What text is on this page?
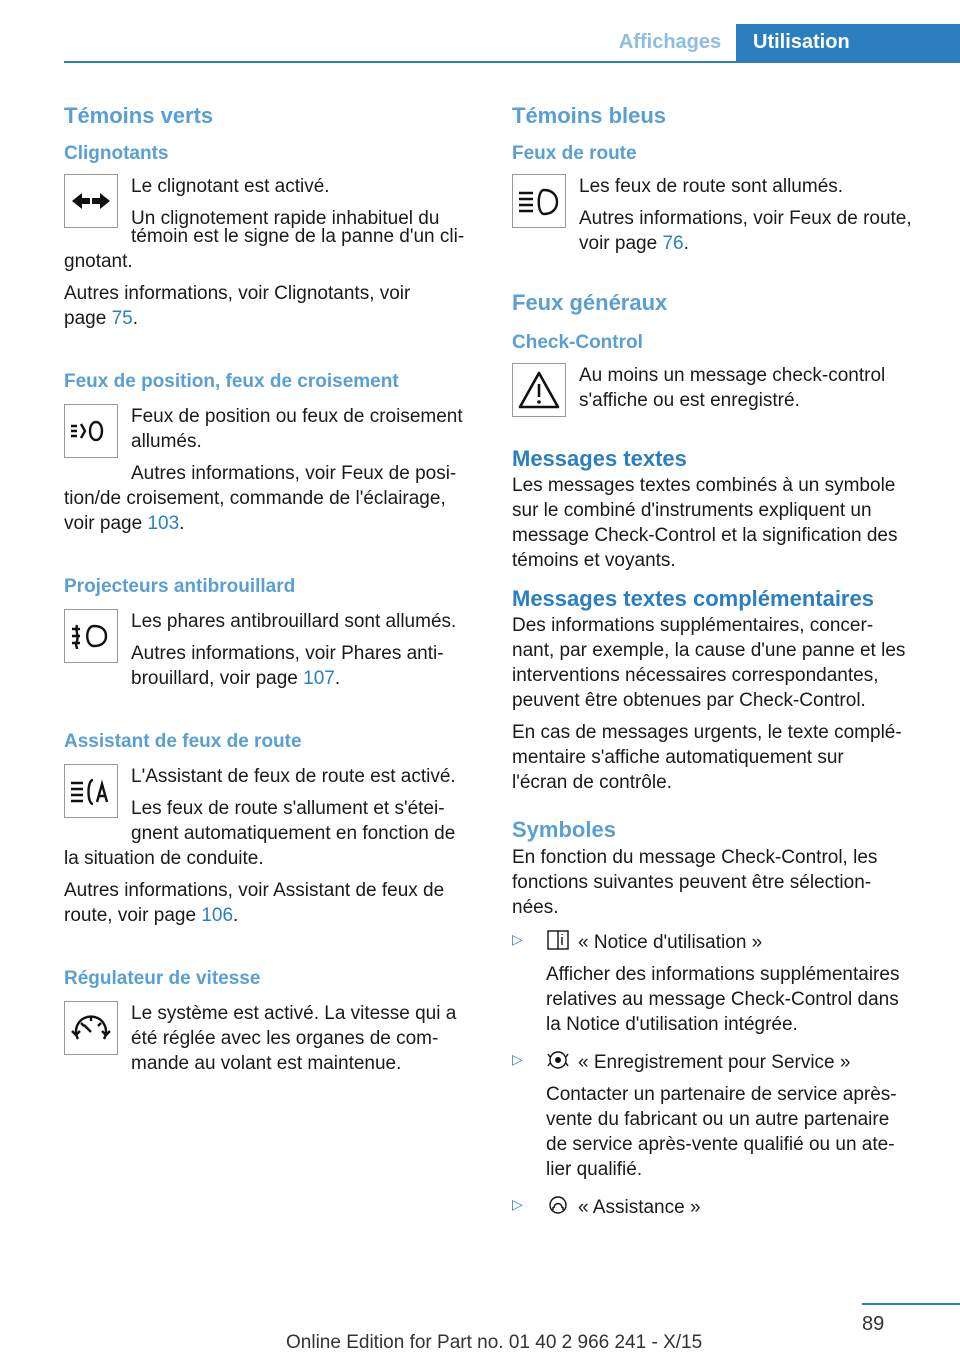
Affichages	Utilisation
Témoins verts
Clignotants

Le clignotant est activé.

Un clignotement rapide inhabituel du

témoin est le signe de la panne d'un cli‐

gnotant.

Autres informations, voir Clignotants, voir

page 75.

Feux de position, feux de croisement

Feux de position ou feux de croisement

allumés.

Autres informations, voir Feux de posi‐

tion/de croisement, commande de l'éclairage,

voir page 103.

Projecteurs antibrouillard

Les phares antibrouillard sont allumés.

Autres informations, voir Phares anti‐

brouillard, voir page 107.

Assistant de feux de route

L'Assistant de feux de route est activé.

Les feux de route s'allument et s'étei‐

gnent automatiquement en fonction de

la situation de conduite.

Autres informations, voir Assistant de feux de

route, voir page 106.

Régulateur de vitesse

Le système est activé. La vitesse qui a

été réglée avec les organes de com‐

mande au volant est maintenue.

Témoins bleus
Feux de route

Les feux de route sont allumés.

Autres informations, voir Feux de route,

voir page 76.

Feux généraux
Check-Control

Au moins un message check-control

s'affiche ou est enregistré.

Messages textes

Les messages textes combinés à un symbole

sur le combiné d'instruments expliquent un

message Check-Control et la signification des

témoins et voyants.

Messages textes complémentaires

Des informations supplémentaires, concer‐

nant, par exemple, la cause d'une panne et les

interventions nécessaires correspondantes,

peuvent être obtenues par Check-Control.

En cas de messages urgents, le texte complé‐

mentaire s'affiche automatiquement sur

l'écran de contrôle.

Symboles

En fonction du message Check-Control, les

fonctions suivantes peuvent être sélection‐

nées.

▷	« Notice d'utilisation »

Afficher des informations supplémentaires

relatives au message Check-Control dans

la Notice d'utilisation intégrée.

▷	« Enregistrement pour Service »

Contacter un partenaire de service après-

vente du fabricant ou un autre partenaire

de service après-vente qualifié ou un ate‐

lier qualifié.

▷	« Assistance »

89
Online Edition for Part no. 01 40 2 966 241 - X/15
